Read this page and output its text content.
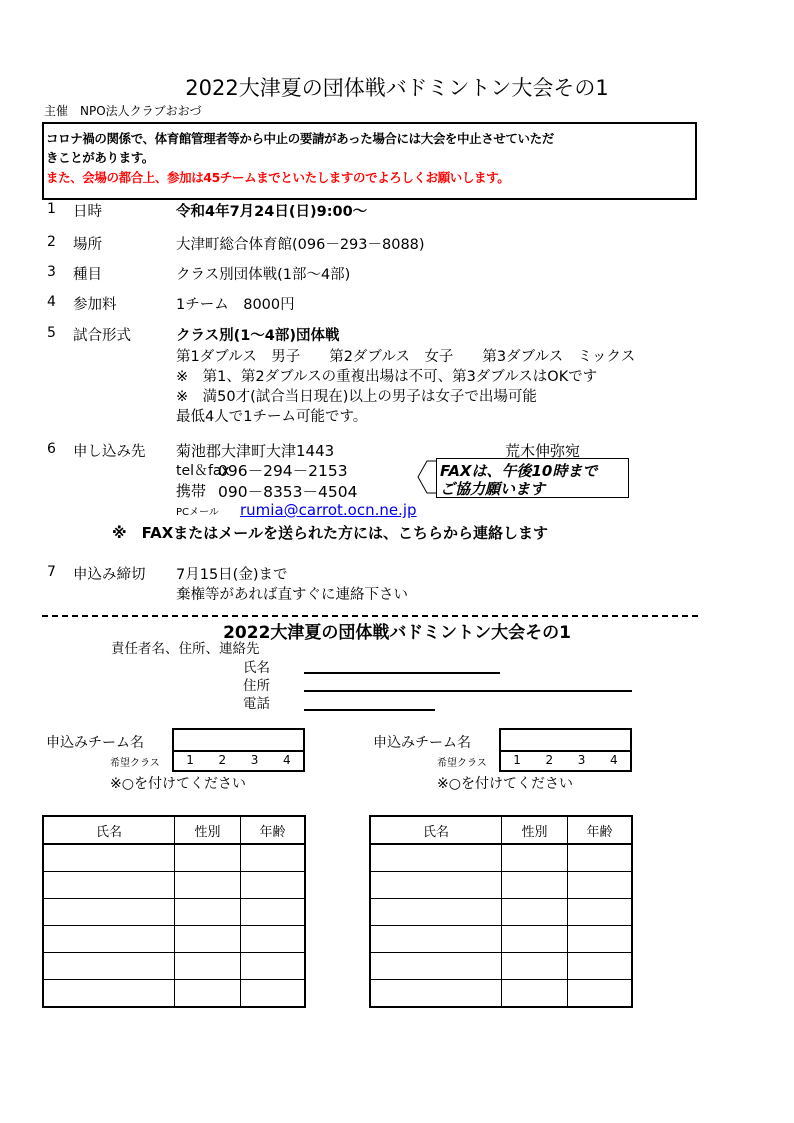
2022大津夏の団体戦バドミントン大会その1
主催　NPO法人クラブおおづ
コロナ禍の関係で、体育館管理者等から中止の要請があった場合には大会を中止させていただ
きことがあります。
また、会場の都合上、参加は45チームまでといたしますのでよろしくお願いします。
1 日時	令和4年7月24日(日)9:00～
2 場所	大津町総合体育館(096－293－8088)
3 種目	クラス別団体戦(1部～4部)
4 参加料	1チーム　8000円
5 試合形式	クラス別(1～4部)団体戦
第1ダブルス　男子　　第2ダブルス　女子　　第3ダブルス　ミックス
※　第1、第2ダブルスの重複出場は不可、第3ダブルスはOKです
※　満50才(試合当日現在)以上の男子は女子で出場可能
最低4人で1チーム可能です。
6 申し込み先 菊池郡大津町大津1443	荒木伸弥宛
tel＆fax
096－294－2153
携帯 090－8353－4504
FAXは、午後10時まで
ご協力願います
PCメール rumia@carrot.ocn.ne.jp
※　FAXまたはメールを送られた方には、こちらから連絡します
7 申込み締切 7月15日(金)まで
棄権等があれば直すぐに連絡下さい
2022大津夏の団体戦バドミントン大会その1
責任者名、住所、連絡先
氏名
住所
電話
申込みチーム名
希望クラス 1 2 3 4
※○を付けてください
氏名	性別	年齢

申込みチーム名
希望クラス 1 2 3 4
※○を付けてください
氏名	性別	年齢
